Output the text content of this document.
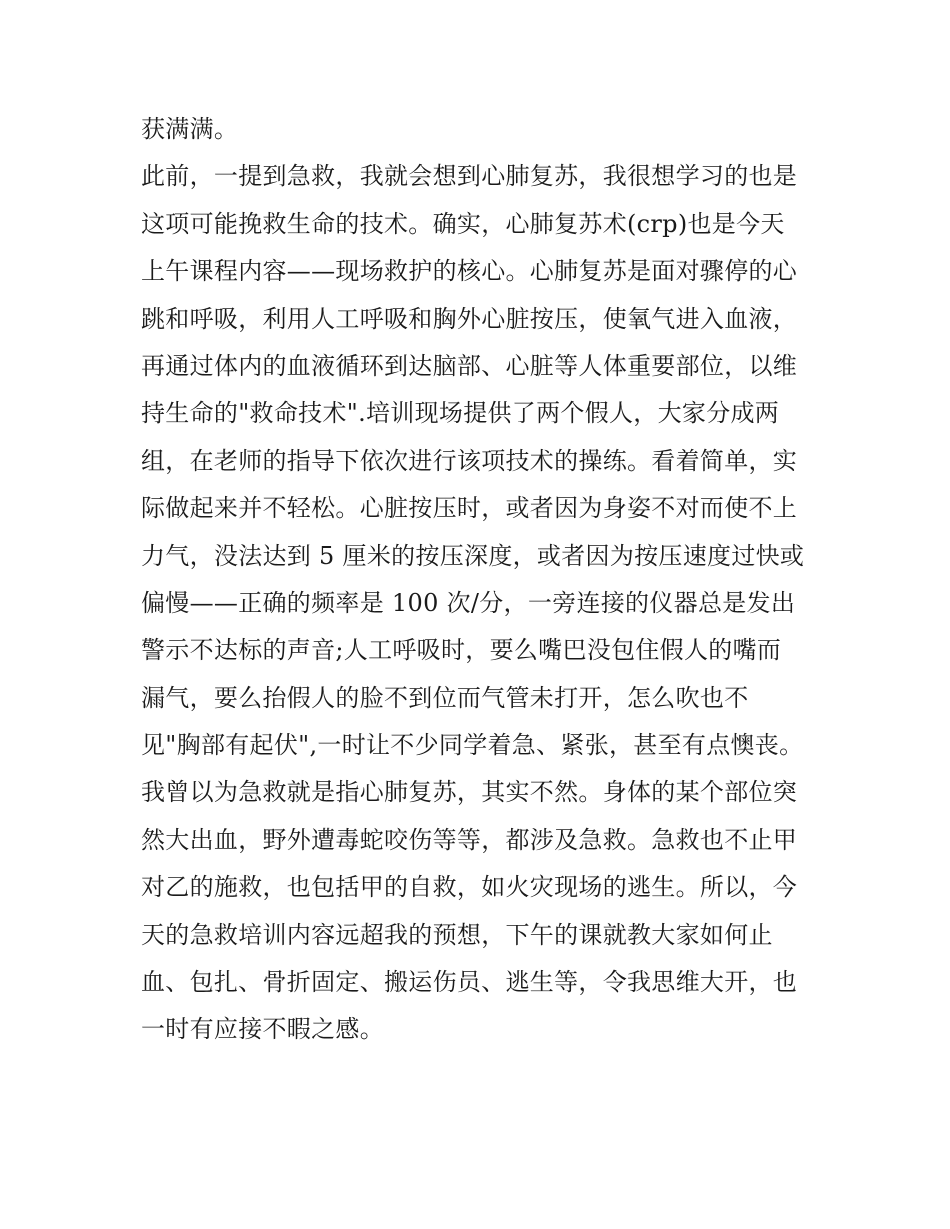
获满满。
此前，一提到急救，我就会想到心肺复苏，我很想学习的也是
这项可能挽救生命的技术。确实，心肺复苏术(crp)也是今天
上午课程内容——现场救护的核心。心肺复苏是面对骤停的心
跳和呼吸，利用人工呼吸和胸外心脏按压，使氧气进入血液，
再通过体内的血液循环到达脑部、心脏等人体重要部位，以维
持生命的"救命技术".培训现场提供了两个假人，大家分成两
组，在老师的指导下依次进行该项技术的操练。看着简单，实
际做起来并不轻松。心脏按压时，或者因为身姿不对而使不上
力气，没法达到 5 厘米的按压深度，或者因为按压速度过快或
偏慢——正确的频率是 100 次/分，一旁连接的仪器总是发出
警示不达标的声音;人工呼吸时，要么嘴巴没包住假人的嘴而
漏气，要么抬假人的脸不到位而气管未打开，怎么吹也不
见"胸部有起伏",一时让不少同学着急、紧张，甚至有点懊丧。
我曾以为急救就是指心肺复苏，其实不然。身体的某个部位突
然大出血，野外遭毒蛇咬伤等等，都涉及急救。急救也不止甲
对乙的施救，也包括甲的自救，如火灾现场的逃生。所以，今
天的急救培训内容远超我的预想，下午的课就教大家如何止
血、包扎、骨折固定、搬运伤员、逃生等，令我思维大开，也
一时有应接不暇之感。
